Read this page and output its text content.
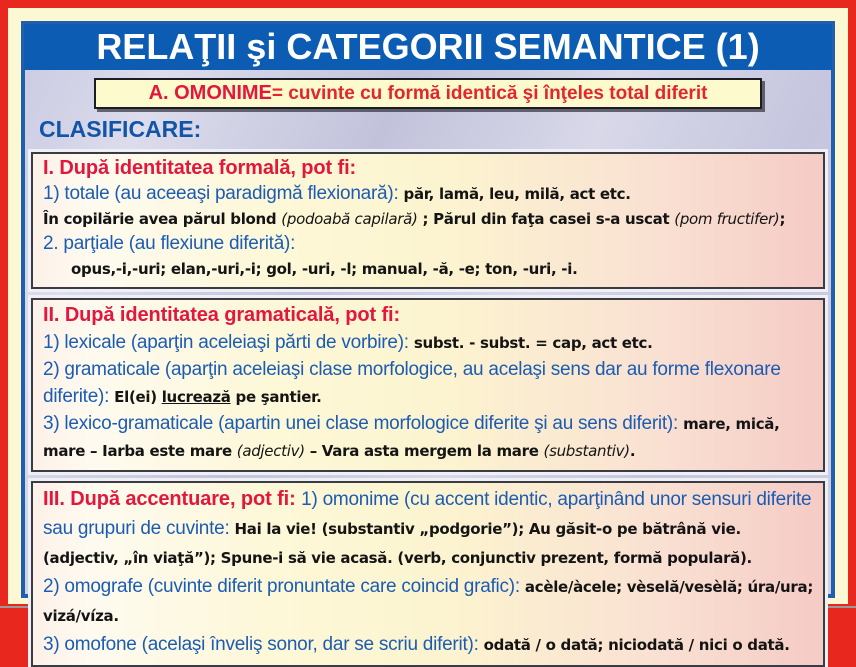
RELAŢII şi CATEGORII SEMANTICE (1)
A. OMONIME = cuvinte cu formă identică şi înţeles total diferit
CLASIFICARE:
I. După identitatea formală, pot fi:
1) totale (au aceeaşi paradigmă flexionară): păr, lamă, leu, milă, act etc.
În copilărie avea părul blond (podoabă capilară) ; Părul din faţa casei s-a uscat (pom fructifer);
2. parţiale (au flexiune diferită):
opus,-i,-uri; elan,-uri,-i; gol, -uri, -l; manual, -ă, -e; ton, -uri, -i.
II. După identitatea gramaticală, pot fi:
1) lexicale (aparţin aceleiaşi părti de vorbire): subst. - subst. = cap, act etc.
2) gramaticale (aparţin aceleiaşi clase morfologice, au acelaşi sens dar au forme flexonare diferite): El(ei) lucrează pe şantier.
3) lexico-gramaticale (apartin unei clase morfologice diferite şi au sens diferit): mare, mică, mare – Iarba este mare (adjectiv) – Vara asta mergem la mare (substantiv).
III. După accentuare, pot fi: 1) omonime (cu accent identic, aparţinând unor sensuri diferite sau grupuri de cuvinte: Hai la vie! (substantiv „podgorie”); Au găsit-o pe bătrână vie. (adjectiv, „în viaţă”); Spune-i să vie acasă. (verb, conjunctiv prezent, formă populară).
2) omografe (cuvinte diferit pronuntate care coincid grafic): acèle/àcele; vèselă/vesèlă; úra/ura; vizá/víza.
3) omofone (acelaşi înveliş sonor, dar se scriu diferit): odată / o dată; niciodată / nici o dată.
